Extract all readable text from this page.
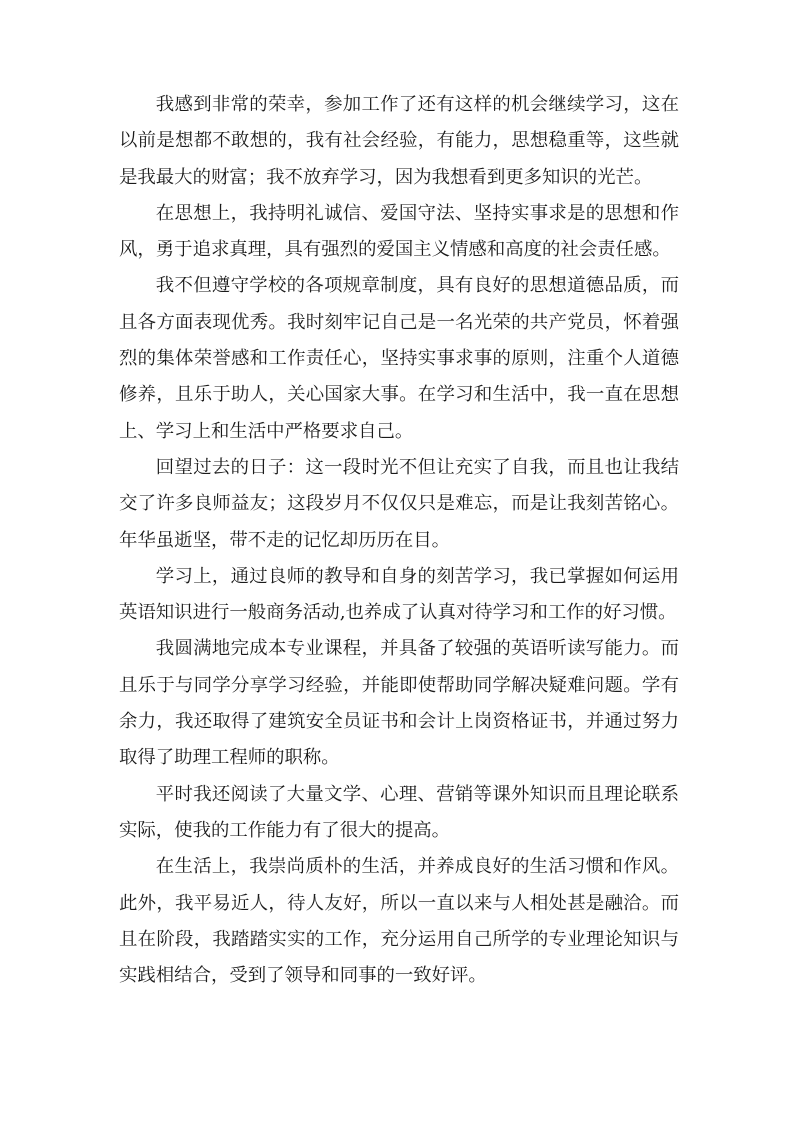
我感到非常的荣幸，参加工作了还有这样的机会继续学习，这在以前是想都不敢想的，我有社会经验，有能力，思想稳重等，这些就是我最大的财富；我不放弃学习，因为我想看到更多知识的光芒。

在思想上，我持明礼诚信、爱国守法、坚持实事求是的思想和作风，勇于追求真理，具有强烈的爱国主义情感和高度的社会责任感。

我不但遵守学校的各项规章制度，具有良好的思想道德品质，而且各方面表现优秀。我时刻牢记自己是一名光荣的共产党员，怀着强烈的集体荣誉感和工作责任心，坚持实事求事的原则，注重个人道德修养，且乐于助人，关心国家大事。在学习和生活中，我一直在思想上、学习上和生活中严格要求自己。

回望过去的日子：这一段时光不但让充实了自我，而且也让我结交了许多良师益友；这段岁月不仅仅只是难忘，而是让我刻苦铭心。年华虽逝坚，带不走的记忆却历历在目。

学习上，通过良师的教导和自身的刻苦学习，我已掌握如何运用英语知识进行一般商务活动,也养成了认真对待学习和工作的好习惯。

我圆满地完成本专业课程，并具备了较强的英语听读写能力。而且乐于与同学分享学习经验，并能即使帮助同学解决疑难问题。学有余力，我还取得了建筑安全员证书和会计上岗资格证书，并通过努力取得了助理工程师的职称。

平时我还阅读了大量文学、心理、营销等课外知识而且理论联系实际，使我的工作能力有了很大的提高。

在生活上，我崇尚质朴的生活，并养成良好的生活习惯和作风。此外，我平易近人，待人友好，所以一直以来与人相处甚是融洽。而且在阶段，我踏踏实实的工作，充分运用自己所学的专业理论知识与实践相结合，受到了领导和同事的一致好评。
